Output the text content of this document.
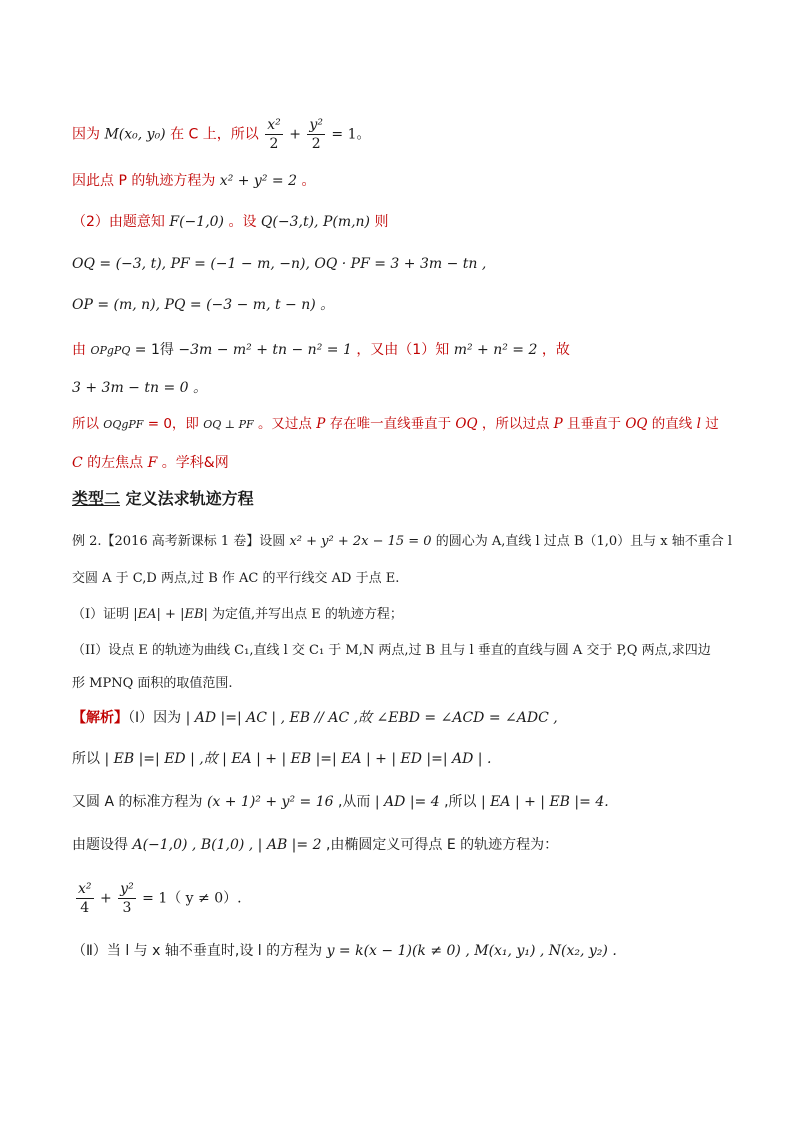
因为 M(x₀, y₀) 在 C 上，所以 $\frac{\text{x²}}{2} + \frac{\text{y²}}{2} = 1$。
因此点 P 的轨迹方程为 x² + y² = 2 。
（2）由题意知 F(−1,0) 。设 Q(−3,t), P(m,n) 则
OQ = (−3, t), PF = (−1 − m, −n), OQ · PF = 3 + 3m − tn ,
OP = (m, n), PQ = (−3 − m, t − n) 。
由 OPgPQ = 1得 −3m − m² + tn − n² = 1 ，又由（1）知 m² + n² = 2 ，故
3 + 3m − tn = 0 。
所以 OQgPF = 0，即 OQ ⊥ PF 。又过点 P 存在唯一直线垂直于 OQ ，所以过点 P 且垂直于 OQ 的直线 l 过
C 的左焦点 F 。学科&网
类型二 定义法求轨迹方程
例 2.【2016 高考新课标 1 卷】设圆 x² + y² + 2x − 15 = 0 的圆心为 A,直线 l 过点 B（1,0）且与 x 轴不重合 l
交圆 A 于 C,D 两点,过 B 作 AC 的平行线交 AD 于点 E.
（I）证明 |EA| + |EB| 为定值,并写出点 E 的轨迹方程；
（II）设点 E 的轨迹为曲线 C₁,直线 l 交 C₁ 于 M,N 两点,过 B 且与 l 垂直的直线与圆 A 交于 P,Q 两点,求四边
形 MPNQ 面积的取值范围.
【解析】（Ⅰ）因为 | AD |=| AC | , EB // AC ,故 ∠EBD = ∠ACD = ∠ADC ,
所以 | EB |=| ED | ,故 | EA | + | EB |=| EA | + | ED |=| AD | .
又圆 A 的标准方程为 (x + 1)² + y² = 16 ,从而 | AD |= 4 ,所以 | EA | + | EB |= 4.
由题设得 A(−1,0) , B(1,0) , | AB |= 2 ,由椭圆定义可得点 E 的轨迹方程为：
$\frac{\text{x²}}{4} + \frac{\text{y²}}{3} = 1$（ y ≠ 0）.
（Ⅱ）当 l 与 x 轴不垂直时,设 l 的方程为 y = k(x − 1)(k ≠ 0) , M(x₁, y₁) , N(x₂, y₂) .
